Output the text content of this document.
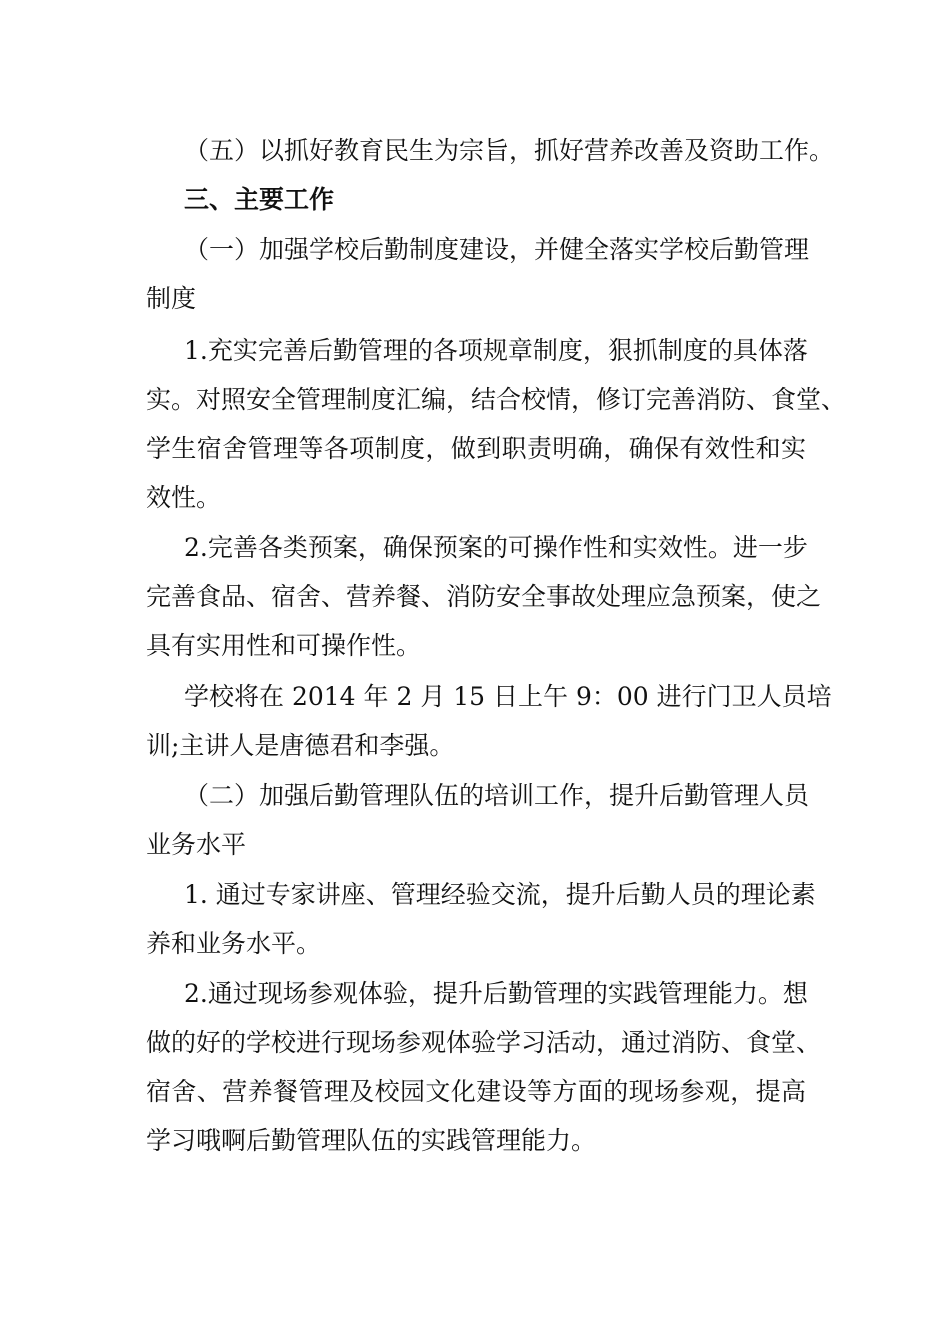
（五）以抓好教育民生为宗旨，抓好营养改善及资助工作。

三、主要工作

（一）加强学校后勤制度建设，并健全落实学校后勤管理
制度

1.充实完善后勤管理的各项规章制度，狠抓制度的具体落
实。对照安全管理制度汇编，结合校情，修订完善消防、食堂、
学生宿舍管理等各项制度，做到职责明确，确保有效性和实
效性。

2.完善各类预案，确保预案的可操作性和实效性。进一步
完善食品、宿舍、营养餐、消防安全事故处理应急预案，使之
具有实用性和可操作性。

学校将在 2014 年 2 月 15 日上午 9：00 进行门卫人员培
训;主讲人是唐德君和李强。

（二）加强后勤管理队伍的培训工作，提升后勤管理人员
业务水平

1. 通过专家讲座、管理经验交流，提升后勤人员的理论素
养和业务水平。

2.通过现场参观体验，提升后勤管理的实践管理能力。想
做的好的学校进行现场参观体验学习活动，通过消防、食堂、
宿舍、营养餐管理及校园文化建设等方面的现场参观，提高
学习哦啊后勤管理队伍的实践管理能力。
